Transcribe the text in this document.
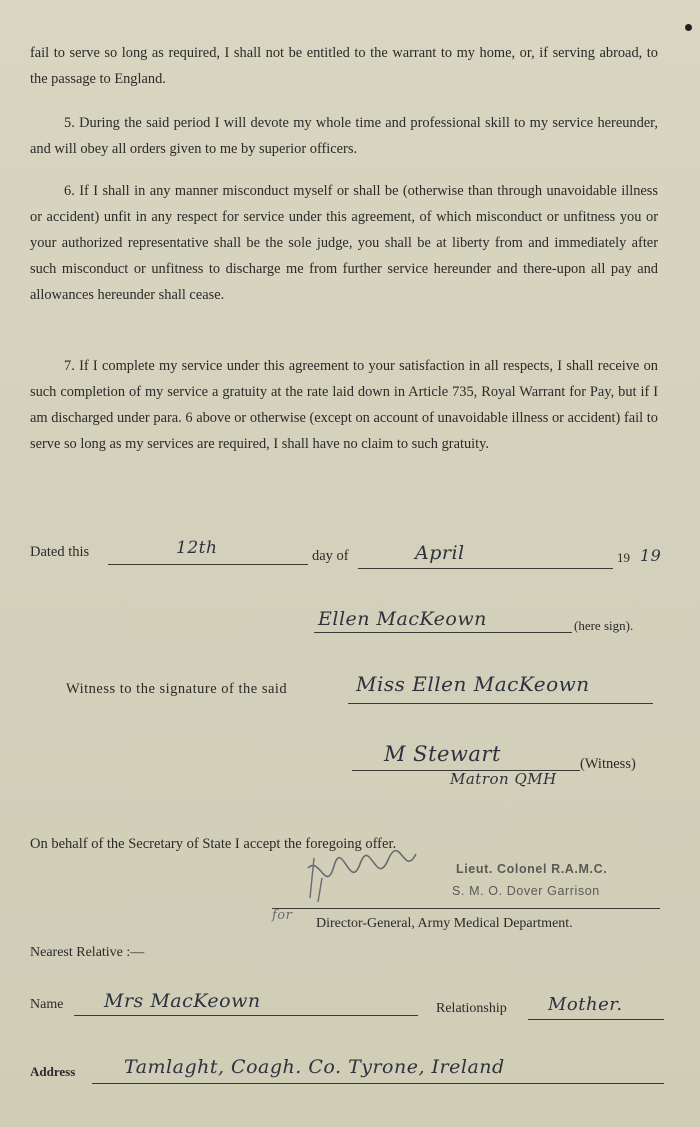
fail to serve so long as required, I shall not be entitled to the warrant to my home, or, if serving abroad, to the passage to England.
5. During the said period I will devote my whole time and professional skill to my service hereunder, and will obey all orders given to me by superior officers.
6. If I shall in any manner misconduct myself or shall be (otherwise than through unavoidable illness or accident) unfit in any respect for service under this agreement, of which misconduct or unfitness you or your authorized representative shall be the sole judge, you shall be at liberty from and immediately after such misconduct or unfitness to discharge me from further service hereunder and there-upon all pay and allowances hereunder shall cease.
7. If I complete my service under this agreement to your satisfaction in all respects, I shall receive on such completion of my service a gratuity at the rate laid down in Article 735, Royal Warrant for Pay, but if I am discharged under para. 6 above or otherwise (except on account of unavoidable illness or accident) fail to serve so long as my services are required, I shall have no claim to such gratuity.
Dated this	12th	day of	April	19 19
Ellen MacKeown	(here sign).
Witness to the signature of the said	Miss Ellen MacKeown
M Stewart	(Witness)
Matron QMH
On behalf of the Secretary of State I accept the foregoing offer.
Lieut. Colonel R.A.M.C.
S. M. O. Dover Garrison
for
Director-General, Army Medical Department.
Nearest Relative :—
Name Mrs MacKeown	Relationship Mother.
Address	Tamlaght, Coagh. Co. Tyrone, Ireland
